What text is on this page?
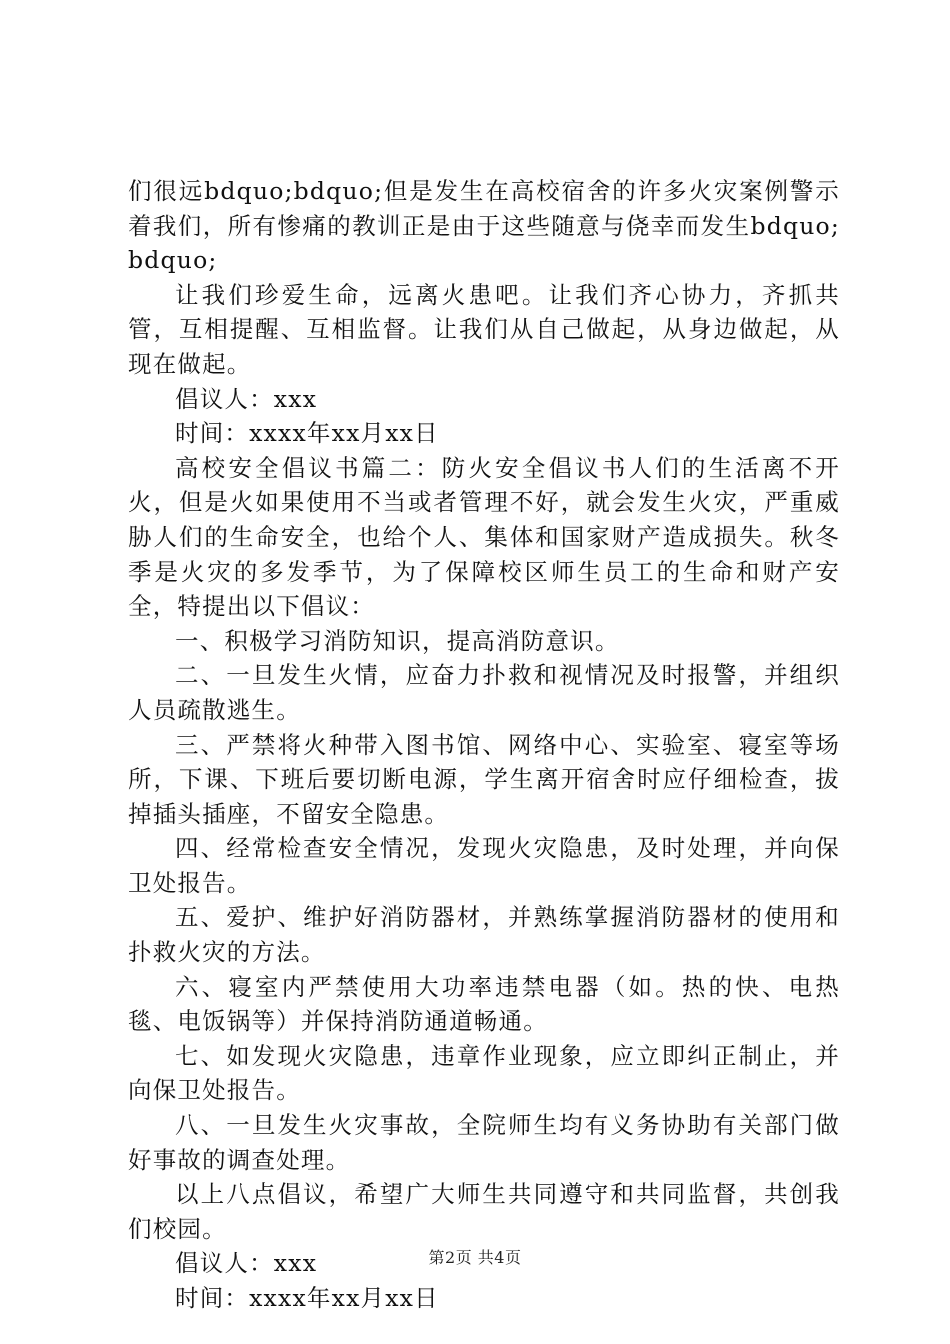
们很远bdquo;bdquo;但是发生在高校宿舍的许多火灾案例警示着我们，所有惨痛的教训正是由于这些随意与侥幸而发生bdquo;bdquo;

让我们珍爱生命，远离火患吧。让我们齐心协力，齐抓共管，互相提醒、互相监督。让我们从自己做起，从身边做起，从现在做起。

倡议人：xxx

时间：xxxx年xx月xx日

高校安全倡议书篇二：防火安全倡议书人们的生活离不开火，但是火如果使用不当或者管理不好，就会发生火灾，严重威胁人们的生命安全，也给个人、集体和国家财产造成损失。秋冬季是火灾的多发季节，为了保障校区师生员工的生命和财产安全，特提出以下倡议：

一、积极学习消防知识，提高消防意识。

二、一旦发生火情，应奋力扑救和视情况及时报警，并组织人员疏散逃生。

三、严禁将火种带入图书馆、网络中心、实验室、寝室等场所，下课、下班后要切断电源，学生离开宿舍时应仔细检查，拔掉插头插座，不留安全隐患。

四、经常检查安全情况，发现火灾隐患，及时处理，并向保卫处报告。

五、爱护、维护好消防器材，并熟练掌握消防器材的使用和扑救火灾的方法。

六、寝室内严禁使用大功率违禁电器（如。热的快、电热毯、电饭锅等）并保持消防通道畅通。

七、如发现火灾隐患，违章作业现象，应立即纠正制止，并向保卫处报告。

八、一旦发生火灾事故，全院师生均有义务协助有关部门做好事故的调查处理。

以上八点倡议，希望广大师生共同遵守和共同监督，共创我们校园。

倡议人：xxx

时间：xxxx年xx月xx日

第2页 共4页
